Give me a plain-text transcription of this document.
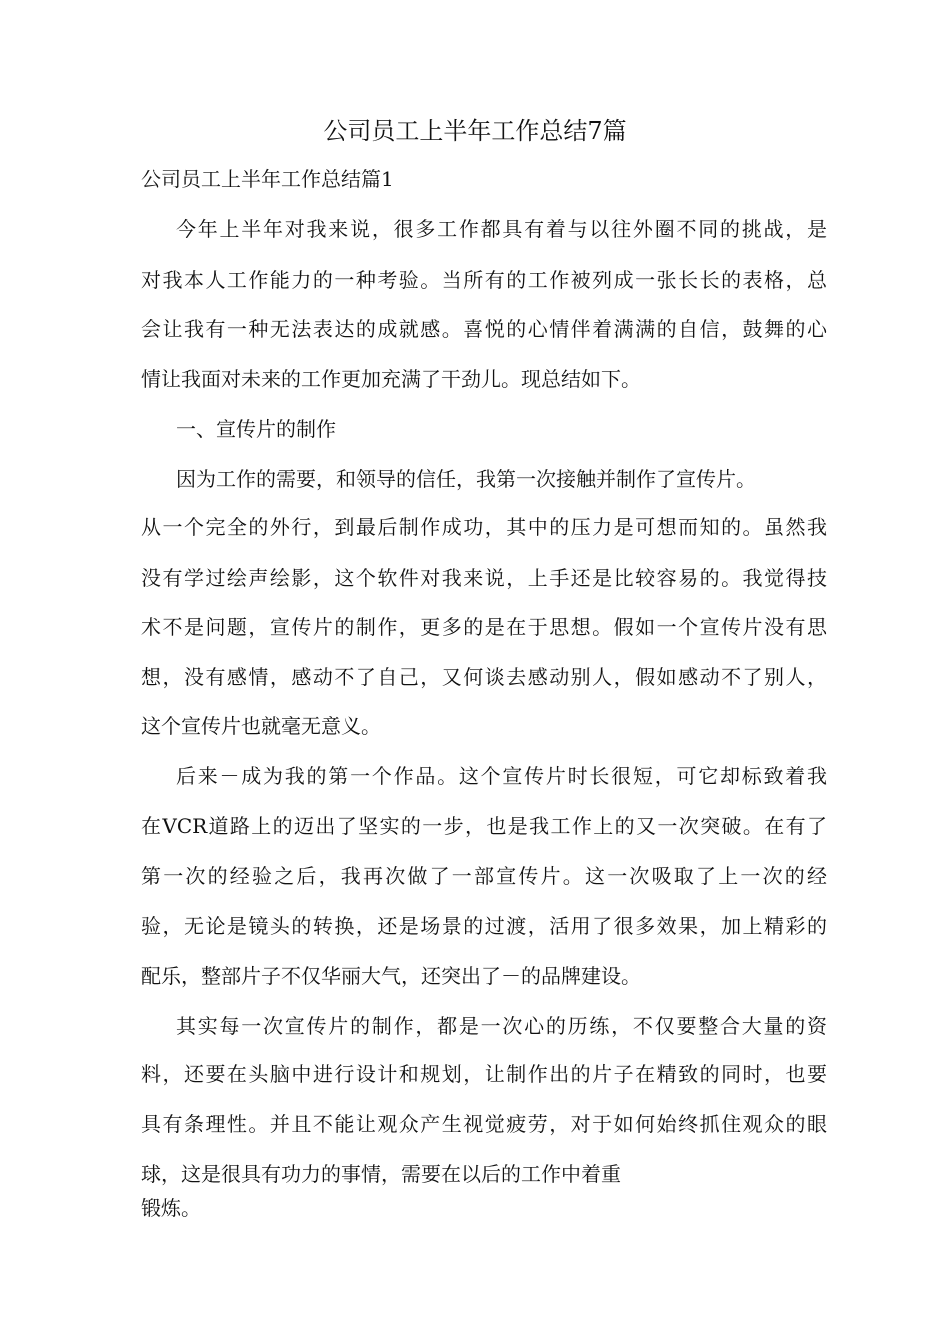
公司员工上半年工作总结7篇
公司员工上半年工作总结篇1
今年上半年对我来说，很多工作都具有着与以往外圈不同的挑战，是
对我本人工作能力的一种考验。当所有的工作被列成一张长长的表格，总
会让我有一种无法表达的成就感。喜悦的心情伴着满满的自信，鼓舞的心
情让我面对未来的工作更加充满了干劲儿。现总结如下。
一、宣传片的制作
因为工作的需要，和领导的信任，我第一次接触并制作了宣传片。
从一个完全的外行，到最后制作成功，其中的压力是可想而知的。虽然我
没有学过绘声绘影，这个软件对我来说，上手还是比较容易的。我觉得技
术不是问题，宣传片的制作，更多的是在于思想。假如一个宣传片没有思
想，没有感情，感动不了自己，又何谈去感动别人，假如感动不了别人，
这个宣传片也就毫无意义。
后来－成为我的第一个作品。这个宣传片时长很短，可它却标致着我
在VCR道路上的迈出了坚实的一步，也是我工作上的又一次突破。在有了
第一次的经验之后，我再次做了一部宣传片。这一次吸取了上一次的经
验，无论是镜头的转换，还是场景的过渡，活用了很多效果，加上精彩的
配乐，整部片子不仅华丽大气，还突出了－的品牌建设。
其实每一次宣传片的制作，都是一次心的历练，不仅要整合大量的资
料，还要在头脑中进行设计和规划，让制作出的片子在精致的同时，也要
具有条理性。并且不能让观众产生视觉疲劳，对于如何始终抓住观众的眼
球，这是很具有功力的事情，需要在以后的工作中着重
锻炼。
